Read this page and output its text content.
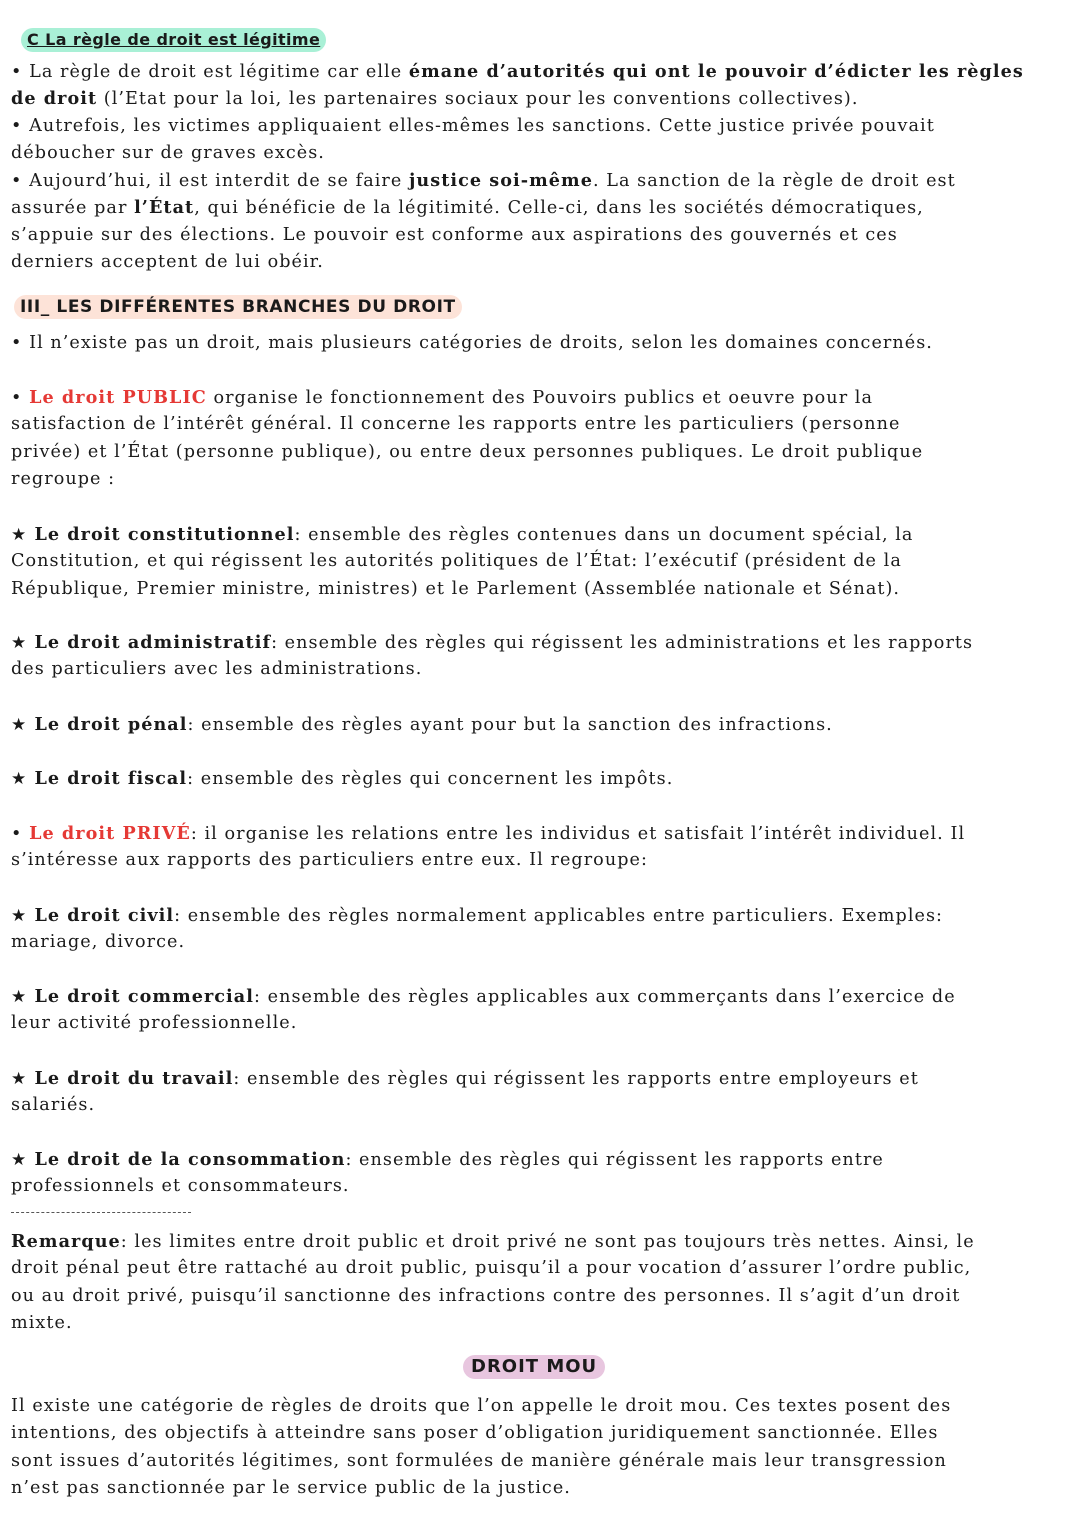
C La règle de droit est légitime

• La règle de droit est légitime car elle émane d’autorités qui ont le pouvoir d’édicter les règles
de droit (l’Etat pour la loi, les partenaires sociaux pour les conventions collectives).

• Autrefois, les victimes appliquaient elles-mêmes les sanctions. Cette justice privée pouvait
déboucher sur de graves excès.

• Aujourd’hui, il est interdit de se faire justice soi-même. La sanction de la règle de droit est
assurée par l’État, qui bénéficie de la légitimité. Celle-ci, dans les sociétés démocratiques,
s’appuie sur des élections. Le pouvoir est conforme aux aspirations des gouvernés et ces
derniers acceptent de lui obéir.

III_ LES DIFFÉRENTES BRANCHES DU DROIT

• Il n’existe pas un droit, mais plusieurs catégories de droits, selon les domaines concernés.

• Le droit PUBLIC organise le fonctionnement des Pouvoirs publics et oeuvre pour la
satisfaction de l’intérêt général. Il concerne les rapports entre les particuliers (personne
privée) et l’État (personne publique), ou entre deux personnes publiques. Le droit publique
regroupe :

★ Le droit constitutionnel: ensemble des règles contenues dans un document spécial, la
Constitution, et qui régissent les autorités politiques de l’État: l’exécutif (président de la
République, Premier ministre, ministres) et le Parlement (Assemblée nationale et Sénat).

★ Le droit administratif: ensemble des règles qui régissent les administrations et les rapports
des particuliers avec les administrations.

★ Le droit pénal: ensemble des règles ayant pour but la sanction des infractions.

★ Le droit fiscal: ensemble des règles qui concernent les impôts.

• Le droit PRIVÉ: il organise les relations entre les individus et satisfait l’intérêt individuel. Il
s’intéresse aux rapports des particuliers entre eux. Il regroupe:

★ Le droit civil: ensemble des règles normalement applicables entre particuliers. Exemples:
mariage, divorce.

★ Le droit commercial: ensemble des règles applicables aux commerçants dans l’exercice de
leur activité professionnelle.

★ Le droit du travail: ensemble des règles qui régissent les rapports entre employeurs et
salariés.

★ Le droit de la consommation: ensemble des règles qui régissent les rapports entre
professionnels et consommateurs.

Remarque: les limites entre droit public et droit privé ne sont pas toujours très nettes. Ainsi, le
droit pénal peut être rattaché au droit public, puisqu’il a pour vocation d’assurer l’ordre public,
ou au droit privé, puisqu’il sanctionne des infractions contre des personnes. Il s’agit d’un droit
mixte.

DROIT MOU

Il existe une catégorie de règles de droits que l’on appelle le droit mou. Ces textes posent des
intentions, des objectifs à atteindre sans poser d’obligation juridiquement sanctionnée. Elles
sont issues d’autorités légitimes, sont formulées de manière générale mais leur transgression
n’est pas sanctionnée par le service public de la justice.
